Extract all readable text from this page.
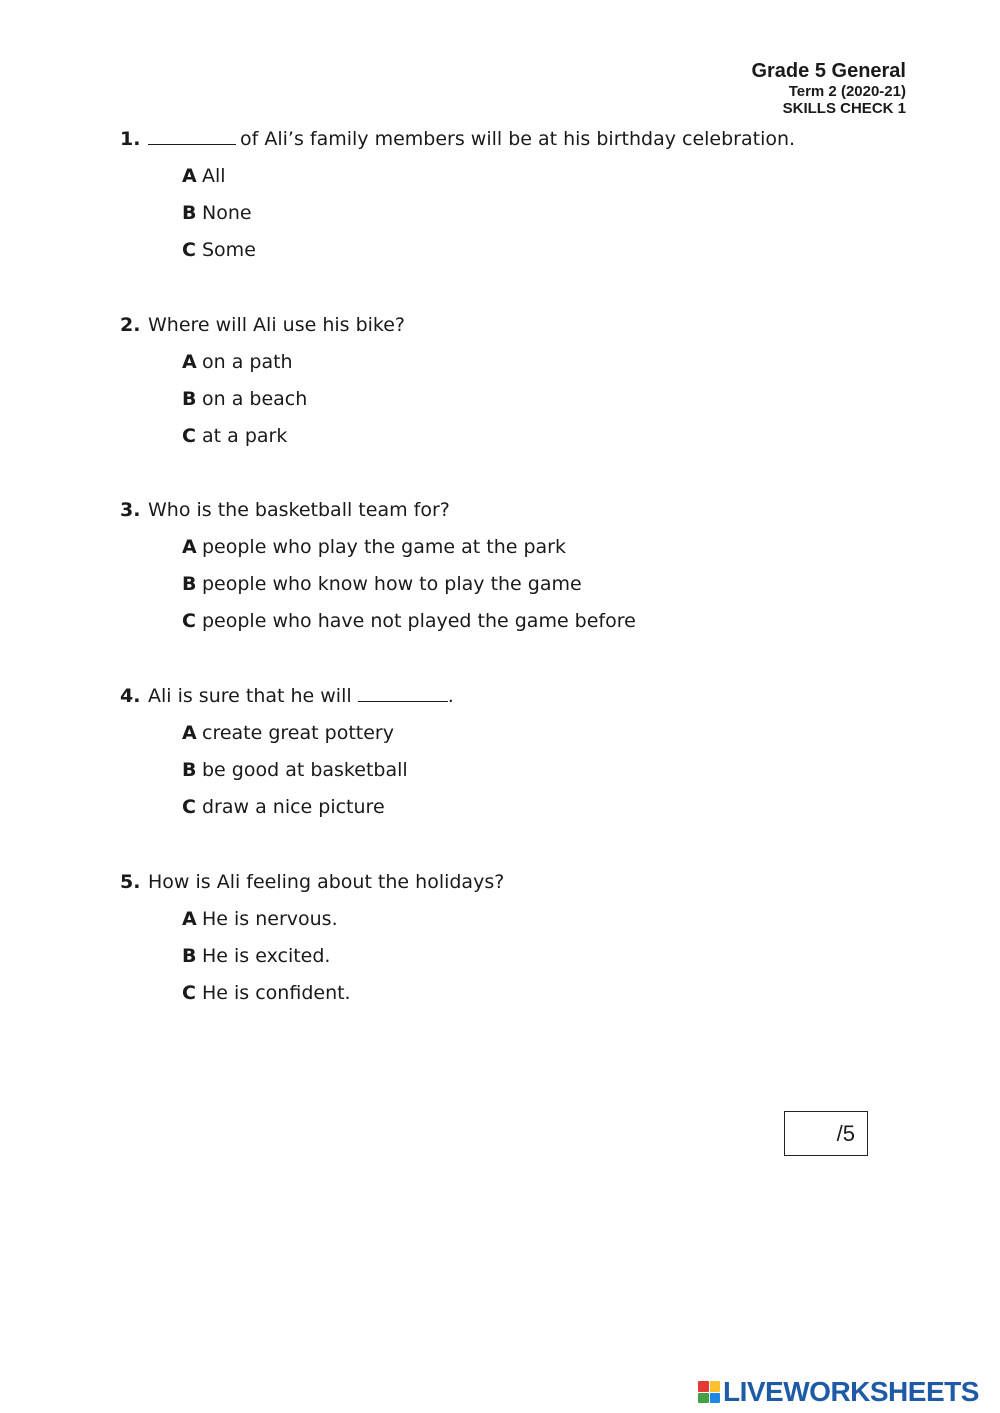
Grade 5 General
Term 2 (2020-21)
SKILLS CHECK 1
1.	of Ali’s family members will be at his birthday celebration.
A All
B None
C Some
2. Where will Ali use his bike?
A on a path
B on a beach
C at a park
3. Who is the basketball team for?
A people who play the game at the park
B people who know how to play the game
C people who have not played the game before
4. Ali is sure that he will	.
A create great pottery
B be good at basketball
C draw a nice picture
5. How is Ali feeling about the holidays?
A He is nervous.
B He is excited.
C He is confident.
/5
LIVEWORKSHEETS
